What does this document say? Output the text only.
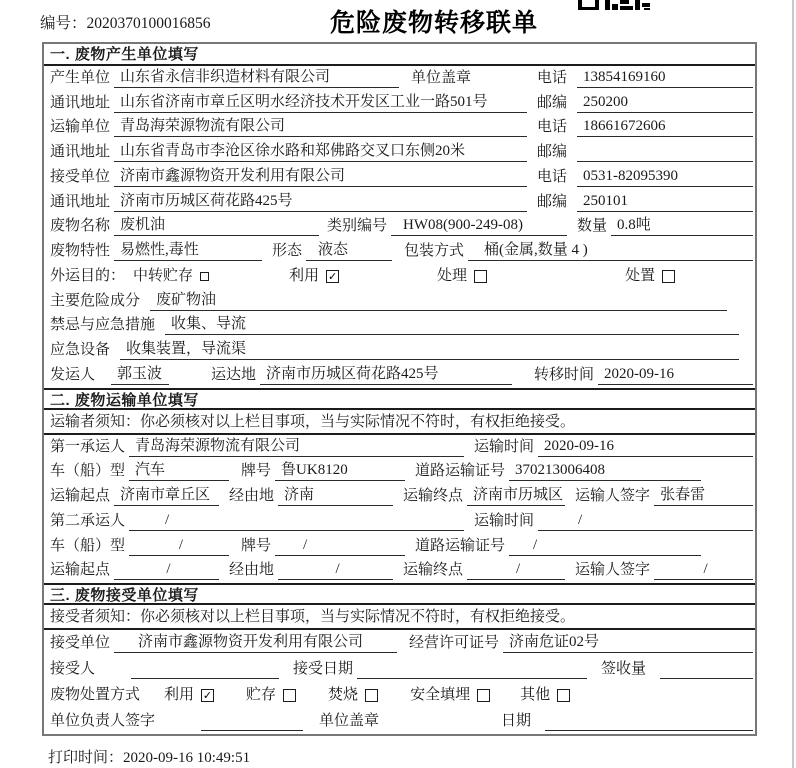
编号：2020370100016856	危险废物转移联单
一. 废物产生单位填写
产生单位 山东省永信非织造材料有限公司	单位盖章	电话	13854169160
通讯地址 山东省济南市章丘区明水经济技术开发区工业一路501号	邮编	250200
运输单位 青岛海荣源物流有限公司	电话	18661672606
通讯地址 山东省青岛市李沧区徐水路和郑佛路交叉口东侧20米	邮编
接受单位 济南市鑫源物资开发利用有限公司	电话	0531-82095390
通讯地址 济南市历城区荷花路425号	邮编	250101
废物名称 废机油	类别编号	HW08(900-249-08)	数量 0.8吨
废物特性 易燃性,毒性	形态	液态	包装方式	桶(金属,数量 4 )
外运目的： 中转贮存	利用 ✓	处理	处置
主要危险成分	废矿物油
禁忌与应急措施	收集、导流
应急设备	收集装置，导流渠
发运人	郭玉波	运达地 济南市历城区荷花路425号	转移时间 2020-09-16
二. 废物运输单位填写
运输者须知：你必须核对以上栏目事项，当与实际情况不符时，有权拒绝接受。
第一承运人 青岛海荣源物流有限公司	运输时间 2020-09-16
车（船）型 汽车	牌号 鲁UK8120	道路运输证号 370213006408
运输起点 济南市章丘区	经由地 济南	运输终点 济南市历城区 运输人签字 张春雷
第二承运人	/	运输时间	/
车（船）型	/	牌号	/	道路运输证号	/
运输起点	/	经由地	/	运输终点	/	运输人签字	/
三. 废物接受单位填写
接受者须知：你必须核对以上栏目事项，当与实际情况不符时，有权拒绝接受。
接受单位	济南市鑫源物资开发利用有限公司	经营许可证号 济南危证02号
接受人	接受日期	签收量
废物处置方式 利用 ✓ 贮存	焚烧	安全填埋	其他
单位负责人签字	单位盖章	日期
打印时间：2020-09-16 10:49:51
